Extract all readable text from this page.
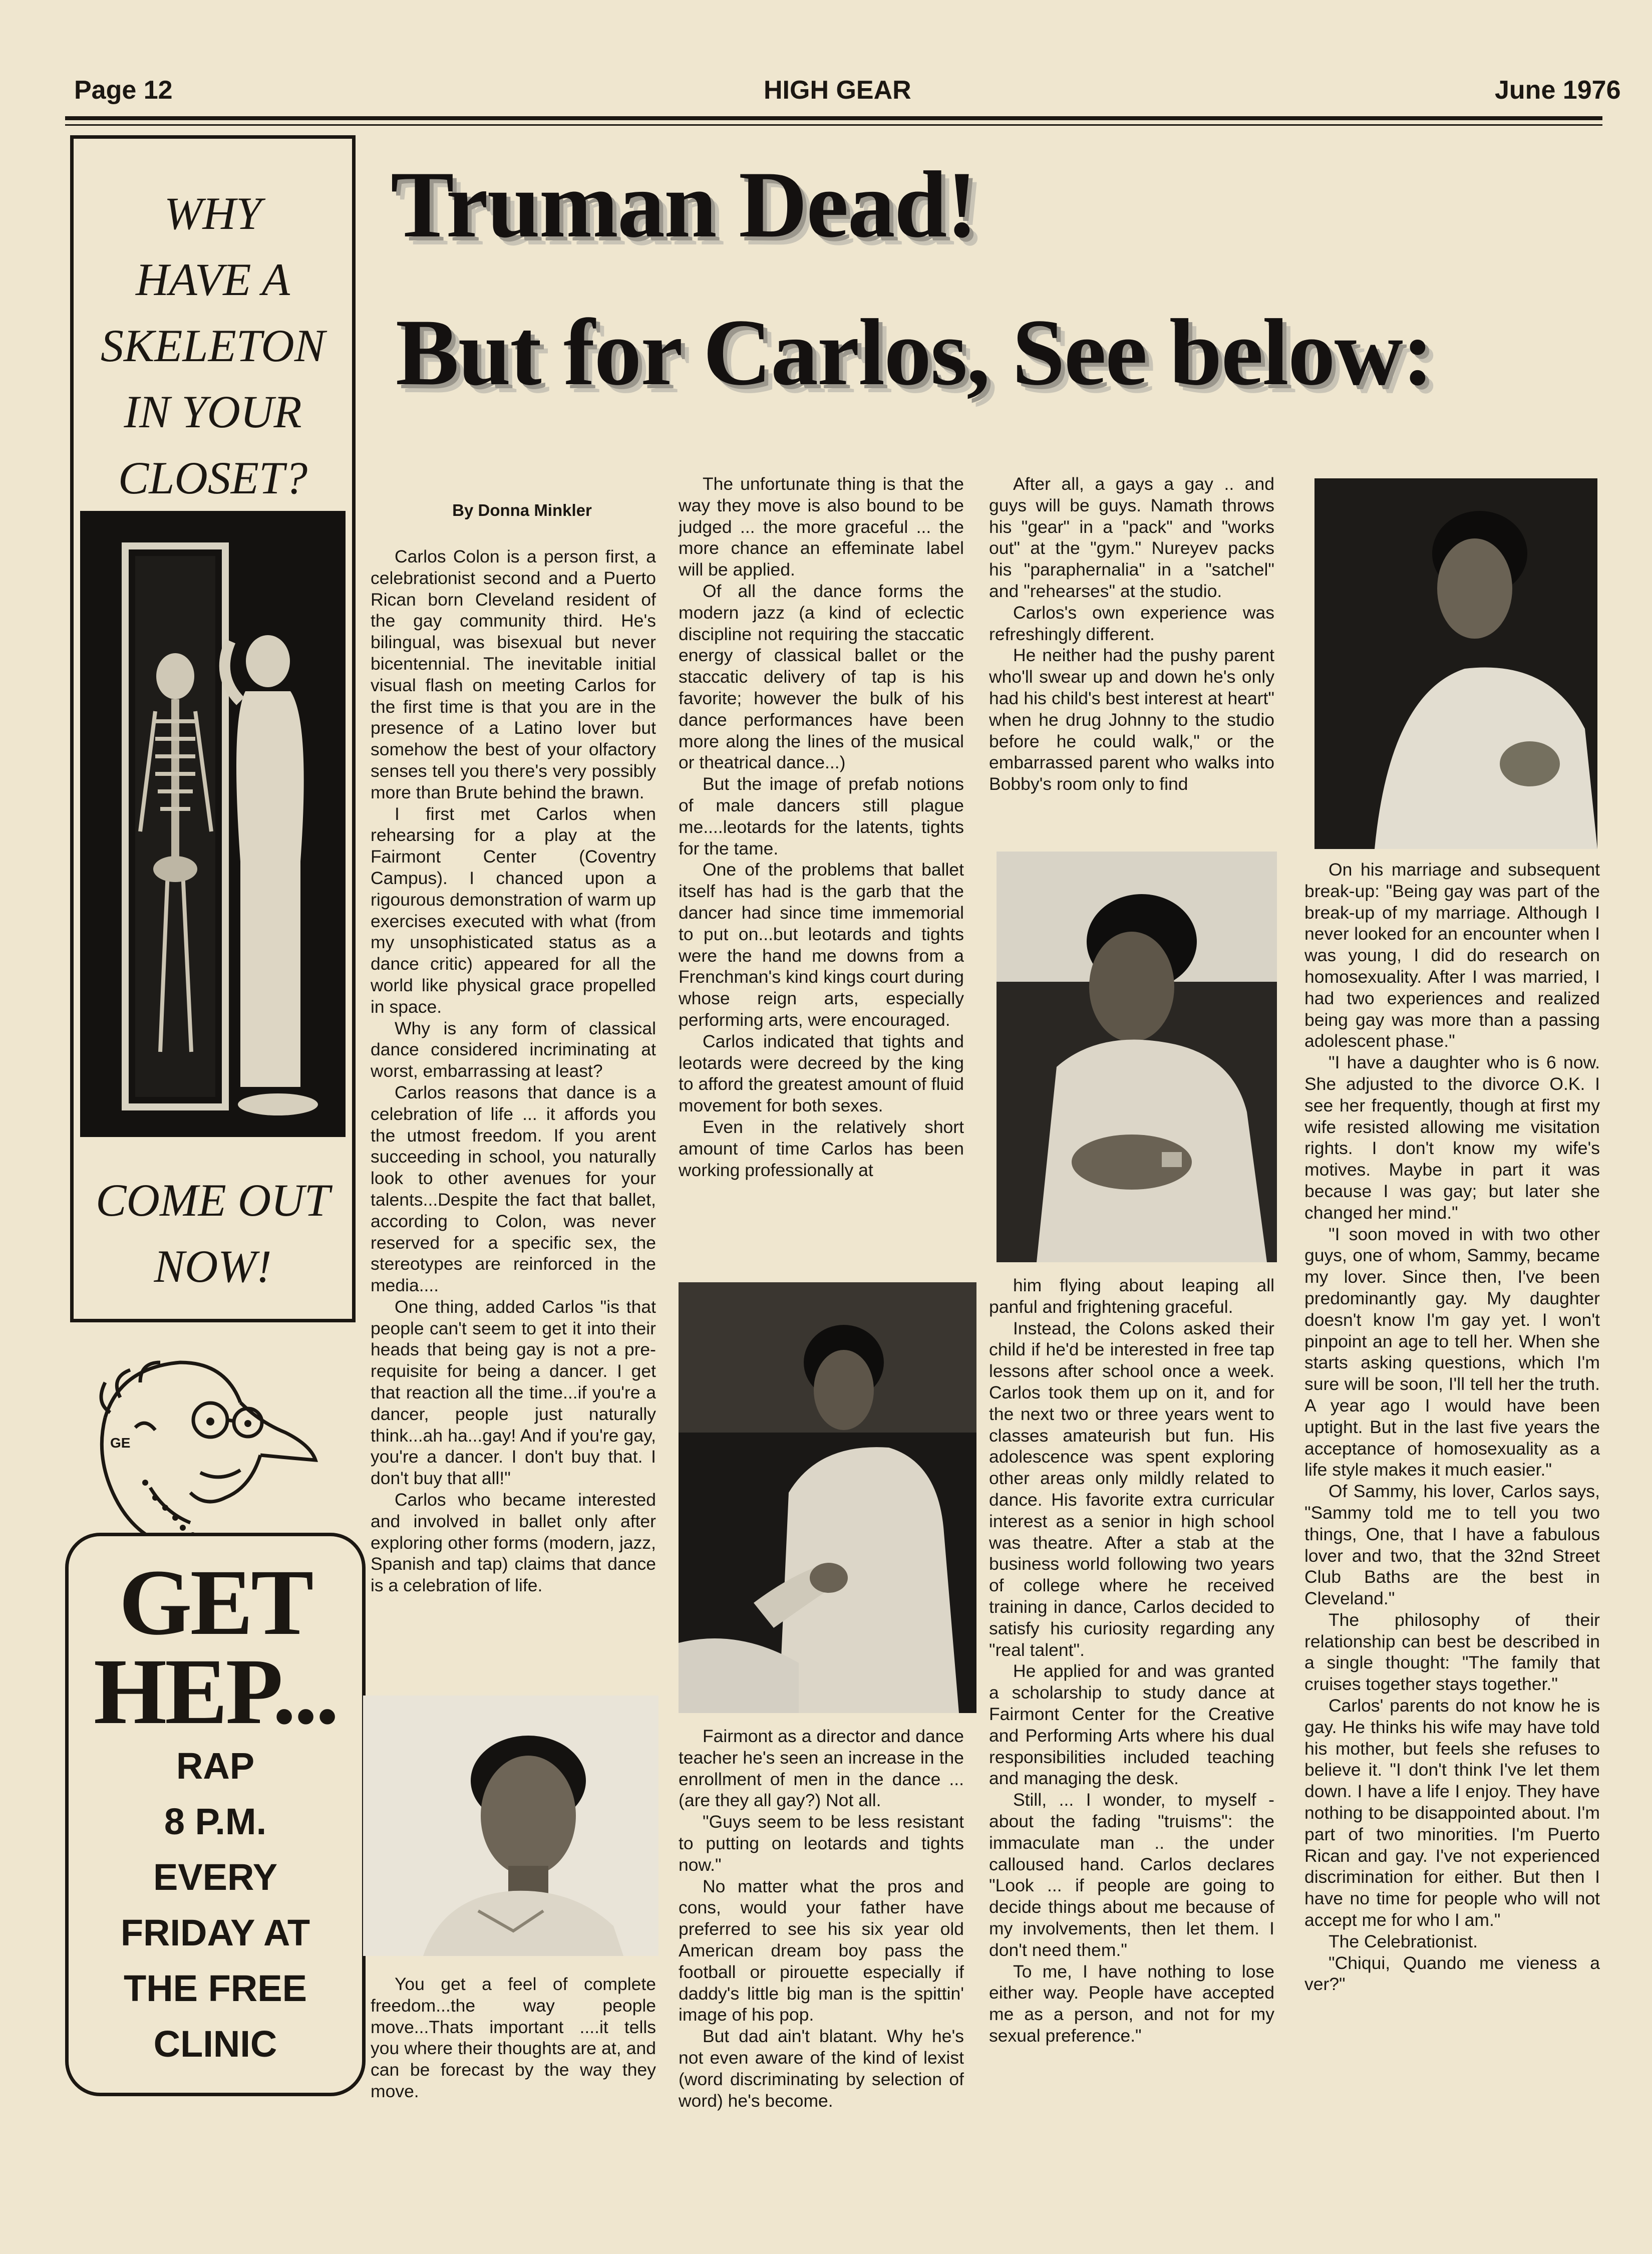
Page 12	HIGH GEAR	June 1976
WHY
HAVE A
SKELETON
IN YOUR
CLOSET?
COME OUT
NOW!
GE
GET
HEP...
RAP
8 P.M.
EVERY
FRIDAY AT
THE FREE
CLINIC
Truman Dead!
But for Carlos, See below:
By Donna Minkler

Carlos Colon is a person first, a celebrationist second and a Puerto Rican born Cleveland resident of the gay community third. He's bilingual, was bisexual but never bicentennial. The inevitable initial visual flash on meeting Carlos for the first time is that you are in the presence of a Latino lover but somehow the best of your olfactory senses tell you there's very possibly more than Brute behind the brawn.

I first met Carlos when rehearsing for a play at the Fairmont Center (Coventry Campus). I chanced upon a rigourous demonstration of warm up exercises executed with what (from my unsophisticated status as a dance critic) appeared for all the world like physical grace propelled in space.

Why is any form of classical dance considered incriminating at worst, embarrassing at least?

Carlos reasons that dance is a celebration of life ... it affords you the utmost freedom. If you arent succeeding in school, you naturally look to other avenues for your talents...Despite the fact that ballet, according to Colon, was never reserved for a specific sex, the stereotypes are reinforced in the media....

One thing, added Carlos "is that people can't seem to get it into their heads that being gay is not a pre-requisite for being a dancer. I get that reaction all the time...if you're a dancer, people just naturally think...ah ha...gay! And if you're gay, you're a dancer. I don't buy that. I don't buy that all!"

Carlos who became interested and involved in ballet only after exploring other forms (modern, jazz, Spanish and tap) claims that dance is a celebration of life.

You get a feel of complete freedom...the way people move...Thats important ....it tells you where their thoughts are at, and can be forecast by the way they move.

The unfortunate thing is that the way they move is also bound to be judged ... the more graceful ... the more chance an effeminate label will be applied.

Of all the dance forms the modern jazz (a kind of eclectic discipline not requiring the staccatic energy of classical ballet or the staccatic delivery of tap is his favorite; however the bulk of his dance performances have been more along the lines of the musical or theatrical dance...)

But the image of prefab notions of male dancers still plague me....leotards for the latents, tights for the tame.

One of the problems that ballet itself has had is the garb that the dancer had since time immemorial to put on...but leotards and tights were the hand me downs from a Frenchman's kind kings court during whose reign arts, especially performing arts, were encouraged.

Carlos indicated that tights and leotards were decreed by the king to afford the greatest amount of fluid movement for both sexes.

Even in the relatively short amount of time Carlos has been working professionally at

Fairmont as a director and dance teacher he's seen an increase in the enrollment of men in the dance ... (are they all gay?) Not all.

"Guys seem to be less resistant to putting on leotards and tights now."

No matter what the pros and cons, would your father have preferred to see his six year old American dream boy pass the football or pirouette especially if daddy's little big man is the spittin' image of his pop.

But dad ain't blatant. Why he's not even aware of the kind of lexist (word discriminating by selection of word) he's become.

After all, a gays a gay .. and guys will be guys. Namath throws his "gear" in a "pack" and "works out" at the "gym." Nureyev packs his "paraphernalia" in a "satchel" and "rehearses" at the studio.

Carlos's own experience was refreshingly different.

He neither had the pushy parent who'll swear up and down he's only had his child's best interest at heart" when he drug Johnny to the studio before he could walk," or the embarrassed parent who walks into Bobby's room only to find

him flying about leaping all panful and frightening graceful.

Instead, the Colons asked their child if he'd be interested in free tap lessons after school once a week. Carlos took them up on it, and for the next two or three years went to classes amateurish but fun. His adolescence was spent exploring other areas only mildly related to dance. His favorite extra curricular interest as a senior in high school was theatre. After a stab at the business world following two years of college where he received training in dance, Carlos decided to satisfy his curiosity regarding any "real talent".

He applied for and was granted a scholarship to study dance at Fairmont Center for the Creative and Performing Arts where his dual responsibilities included teaching and managing the desk.

Still, ... I wonder, to myself - about the fading "truisms": the immaculate man .. the under calloused hand. Carlos declares "Look ... if people are going to decide things about me because of my involvements, then let them. I don't need them."

To me, I have nothing to lose either way. People have accepted me as a person, and not for my sexual preference."

On his marriage and subsequent break-up: "Being gay was part of the break-up of my marriage. Although I never looked for an encounter when I was young, I did do research on homosexuality. After I was married, I had two experiences and realized being gay was more than a passing adolescent phase."

"I have a daughter who is 6 now. She adjusted to the divorce O.K. I see her frequently, though at first my wife resisted allowing me visitation rights. I don't know my wife's motives. Maybe in part it was because I was gay; but later she changed her mind."

"I soon moved in with two other guys, one of whom, Sammy, became my lover. Since then, I've been predominantly gay. My daughter doesn't know I'm gay yet. I won't pinpoint an age to tell her. When she starts asking questions, which I'm sure will be soon, I'll tell her the truth. A year ago I would have been uptight. But in the last five years the acceptance of homosexuality as a life style makes it much easier."

Of Sammy, his lover, Carlos says, "Sammy told me to tell you two things, One, that I have a fabulous lover and two, that the 32nd Street Club Baths are the best in Cleveland."

The philosophy of their relationship can best be described in a single thought: "The family that cruises together stays together."

Carlos' parents do not know he is gay. He thinks his wife may have told his mother, but feels she refuses to believe it. "I don't think I've let them down. I have a life I enjoy. They have nothing to be disappointed about. I'm part of two minorities. I'm Puerto Rican and gay. I've not experienced discrimination for either. But then I have no time for people who will not accept me for who I am."

The Celebrationist.

"Chiqui, Quando me vieness a ver?"
